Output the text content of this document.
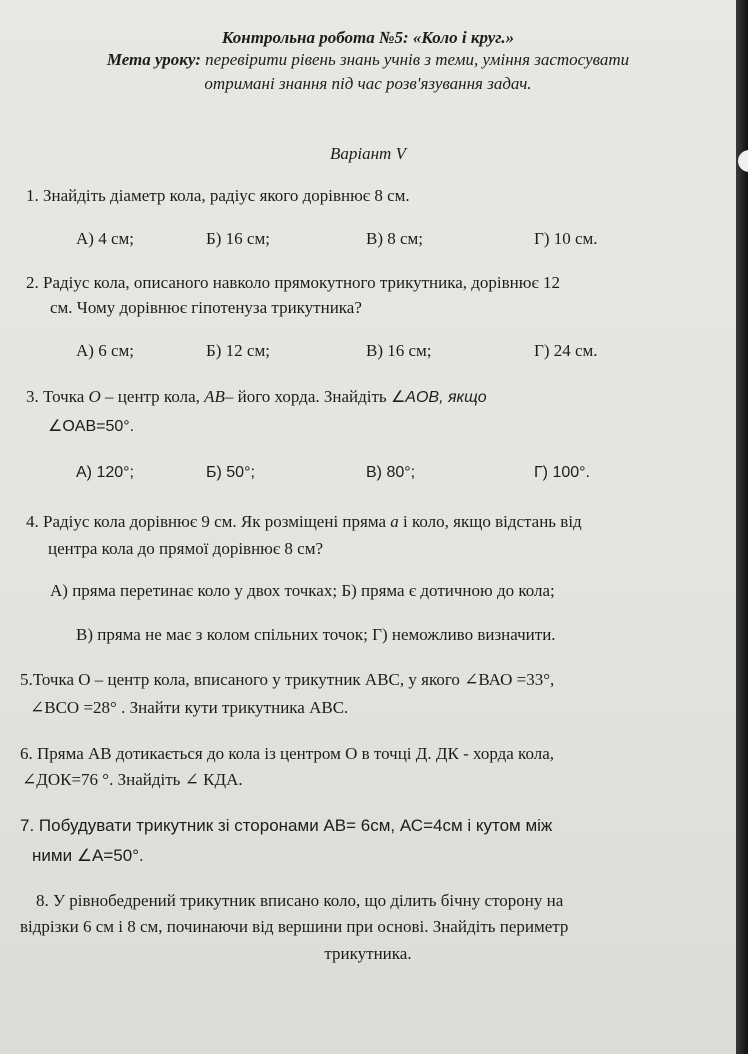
Контрольна робота №5: «Коло і круг.»
Мета уроку: перевірити рівень знань учнів з теми, уміння застосувати
отримані знання під час розв'язування задач.
Варіант V
1. Знайдіть діаметр кола, радіус якого дорівнює 8 см.
А) 4 см;	Б) 16 см;	В) 8 см;	Г) 10 см.
2. Радіус кола, описаного навколо прямокутного трикутника, дорівнює 12
см. Чому дорівнює гіпотенуза трикутника?
А) 6 см;	Б) 12 см;	В) 16 см;	Г) 24 см.
3. Точка О – центр кола, АВ– його хорда. Знайдіть ∠AOB, якщо
∠OAB=50°.
А) 120°;	Б) 50°;	В) 80°;	Г) 100°.
4. Радіус кола дорівнює 9 см. Як розміщені пряма а і коло, якщо відстань від
центра кола до прямої дорівнює 8 см?
А) пряма перетинає коло у двох точках; Б) пряма є дотичною до кола;
В) пряма не має з колом спільних точок; Г) неможливо визначити.
5.Точка О – центр кола, вписаного у трикутник АВС, у якого ∠ВАО =33°,
∠ВСО =28° . Знайти кути трикутника АВС.
6. Пряма АВ дотикається до кола із центром О в точці Д. ДК - хорда кола,
∠ДОК=76 °. Знайдіть ∠ КДА.
7. Побудувати трикутник зі сторонами АВ= 6см, АС=4см і кутом між
ними ∠А=50°.
8. У рівнобедрений трикутник вписано коло, що ділить бічну сторону на
відрізки 6 см і 8 см, починаючи від вершини при основі. Знайдіть периметр
трикутника.
